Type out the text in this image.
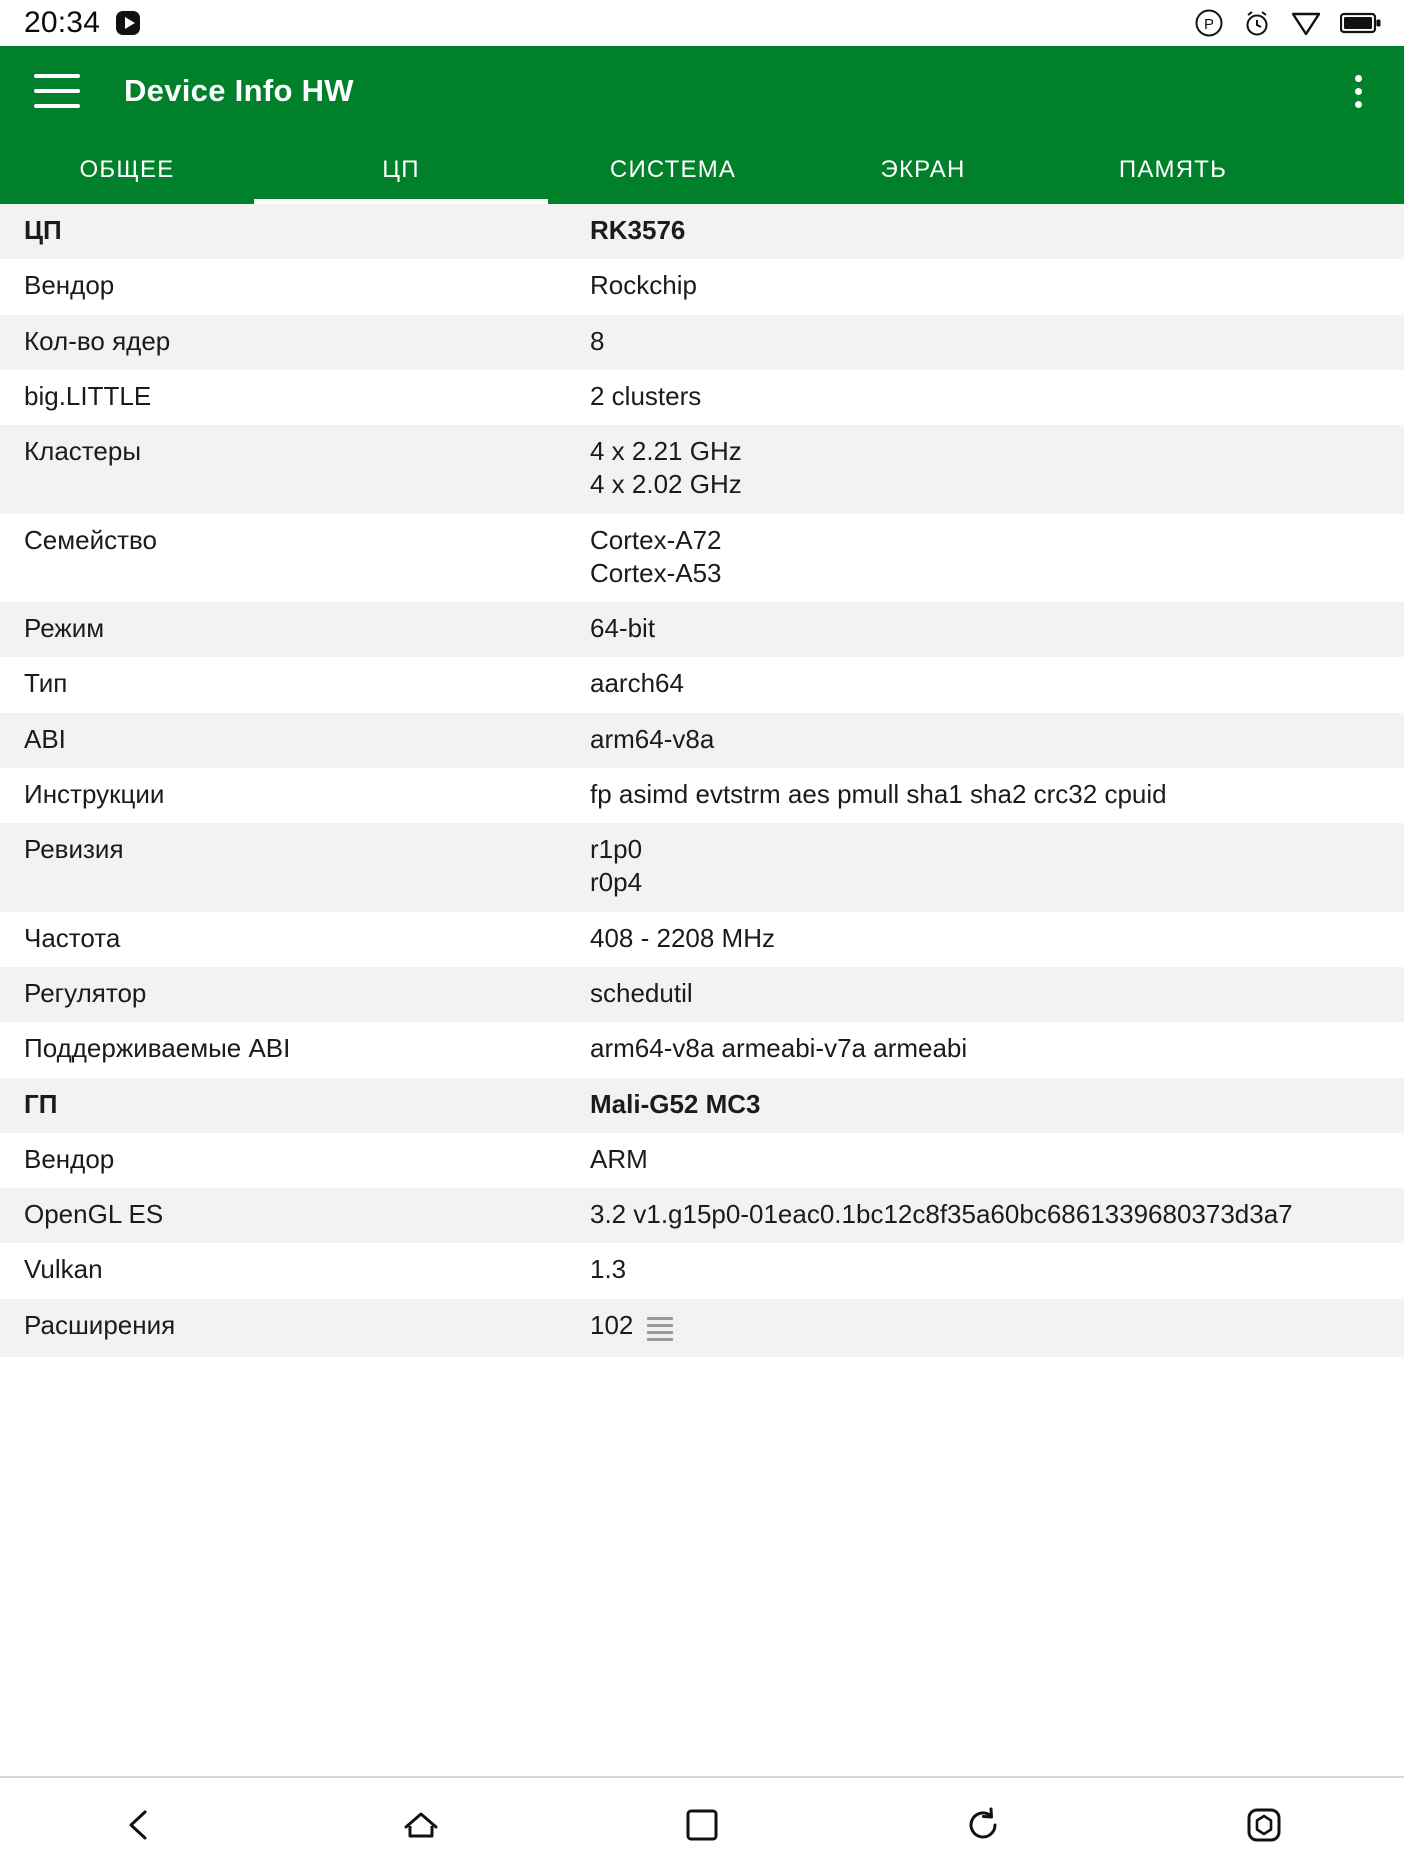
20:34	P
Device Info HW
ОБЩЕЕ	ЦП	СИСТЕМА	ЭКРАН	ПАМЯТЬ
ЦП	RK3576
Вендор	Rockchip
Кол-во ядер	8
big.LITTLE	2 clusters
Кластеры	4 x 2.21 GHz
4 x 2.02 GHz
Семейство	Cortex-A72
Cortex-A53
Режим	64-bit
Тип	aarch64
ABI	arm64-v8a
Инструкции	fp asimd evtstrm aes pmull sha1 sha2 crc32 cpuid
Ревизия	r1p0
r0p4
Частота	408 - 2208 MHz
Регулятор	schedutil
Поддерживаемые ABI	arm64-v8a armeabi-v7a armeabi
ГП	Mali-G52 MC3
Вендор	ARM
OpenGL ES	3.2 v1.g15p0-01eac0.1bc12c8f35a60bc6861339680373d3a7
Vulkan	1.3
Расширения	102
